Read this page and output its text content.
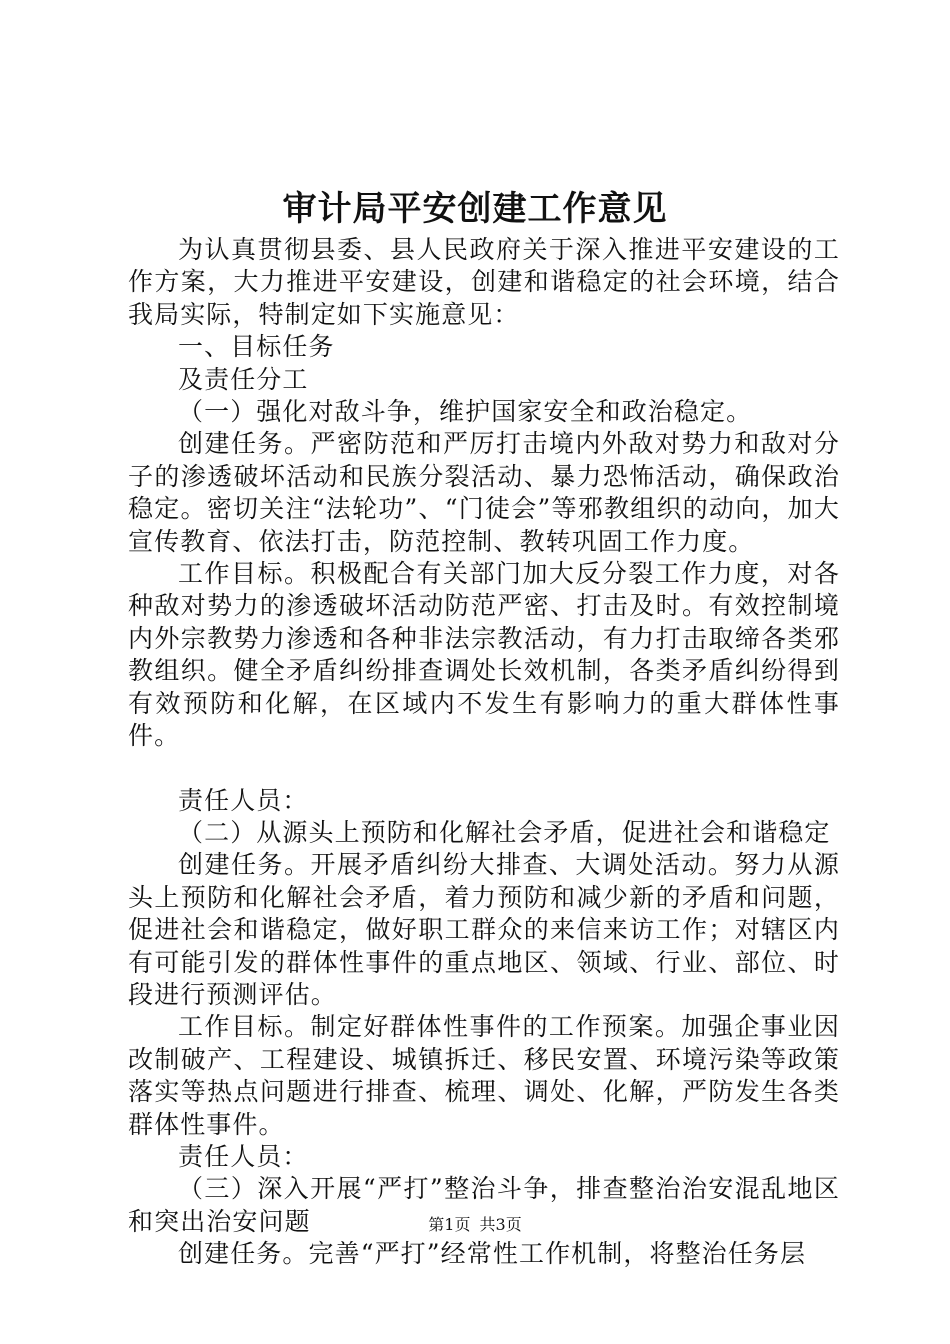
审计局平安创建工作意见

为认真贯彻县委、县人民政府关于深入推进平安建设的工作方案，大力推进平安建设，创建和谐稳定的社会环境，结合我局实际，特制定如下实施意见：

一、目标任务

及责任分工

（一）强化对敌斗争，维护国家安全和政治稳定。

创建任务。严密防范和严厉打击境内外敌对势力和敌对分子的渗透破坏活动和民族分裂活动、暴力恐怖活动，确保政治稳定。密切关注“法轮功”、“门徒会”等邪教组织的动向，加大宣传教育、依法打击，防范控制、教转巩固工作力度。

工作目标。积极配合有关部门加大反分裂工作力度，对各种敌对势力的渗透破坏活动防范严密、打击及时。有效控制境内外宗教势力渗透和各种非法宗教活动，有力打击取缔各类邪教组织。健全矛盾纠纷排查调处长效机制，各类矛盾纠纷得到有效预防和化解，在区域内不发生有影响力的重大群体性事件。

责任人员：

（二）从源头上预防和化解社会矛盾，促进社会和谐稳定

创建任务。开展矛盾纠纷大排查、大调处活动。努力从源头上预防和化解社会矛盾，着力预防和减少新的矛盾和问题，促进社会和谐稳定，做好职工群众的来信来访工作；对辖区内有可能引发的群体性事件的重点地区、领域、行业、部位、时段进行预测评估。

工作目标。制定好群体性事件的工作预案。加强企事业因改制破产、工程建设、城镇拆迁、移民安置、环境污染等政策落实等热点问题进行排查、梳理、调处、化解，严防发生各类群体性事件。

责任人员：

（三）深入开展“严打”整治斗争，排查整治治安混乱地区和突出治安问题

创建任务。完善“严打”经常性工作机制，将整治任务层

第1页 共3页
